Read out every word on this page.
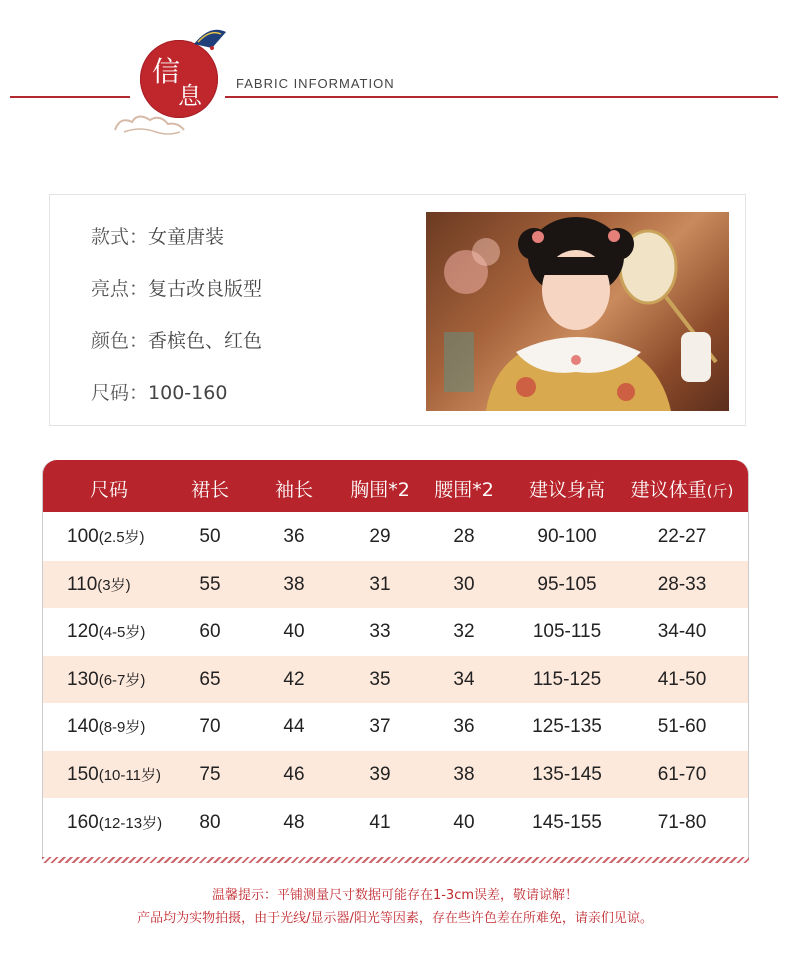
信
息	FABRIC INFORMATION
款式：女童唐装
亮点：复古改良版型
颜色：香槟色、红色
尺码：100-160
尺码	裙长 袖长 胸围*2 腰围*2 建议身高 建议体重(斤)
100(2.5岁)	50	36	29	28	90-100	22-27
110(3岁)	55	38	31	30	95-105	28-33
120(4-5岁)	60	40	33	32	105-115	34-40
130(6-7岁)	65	42	35	34	115-125	41-50
140(8-9岁)	70	44	37	36	125-135	51-60
150(10-11岁) 75	46	39	38	135-145	61-70
160(12-13岁) 80	48	41	40	145-155	71-80
温馨提示：平铺测量尺寸数据可能存在1-3cm误差，敬请谅解！
产品均为实物拍摄，由于光线/显示器/阳光等因素，存在些许色差在所难免，请亲们见谅。
